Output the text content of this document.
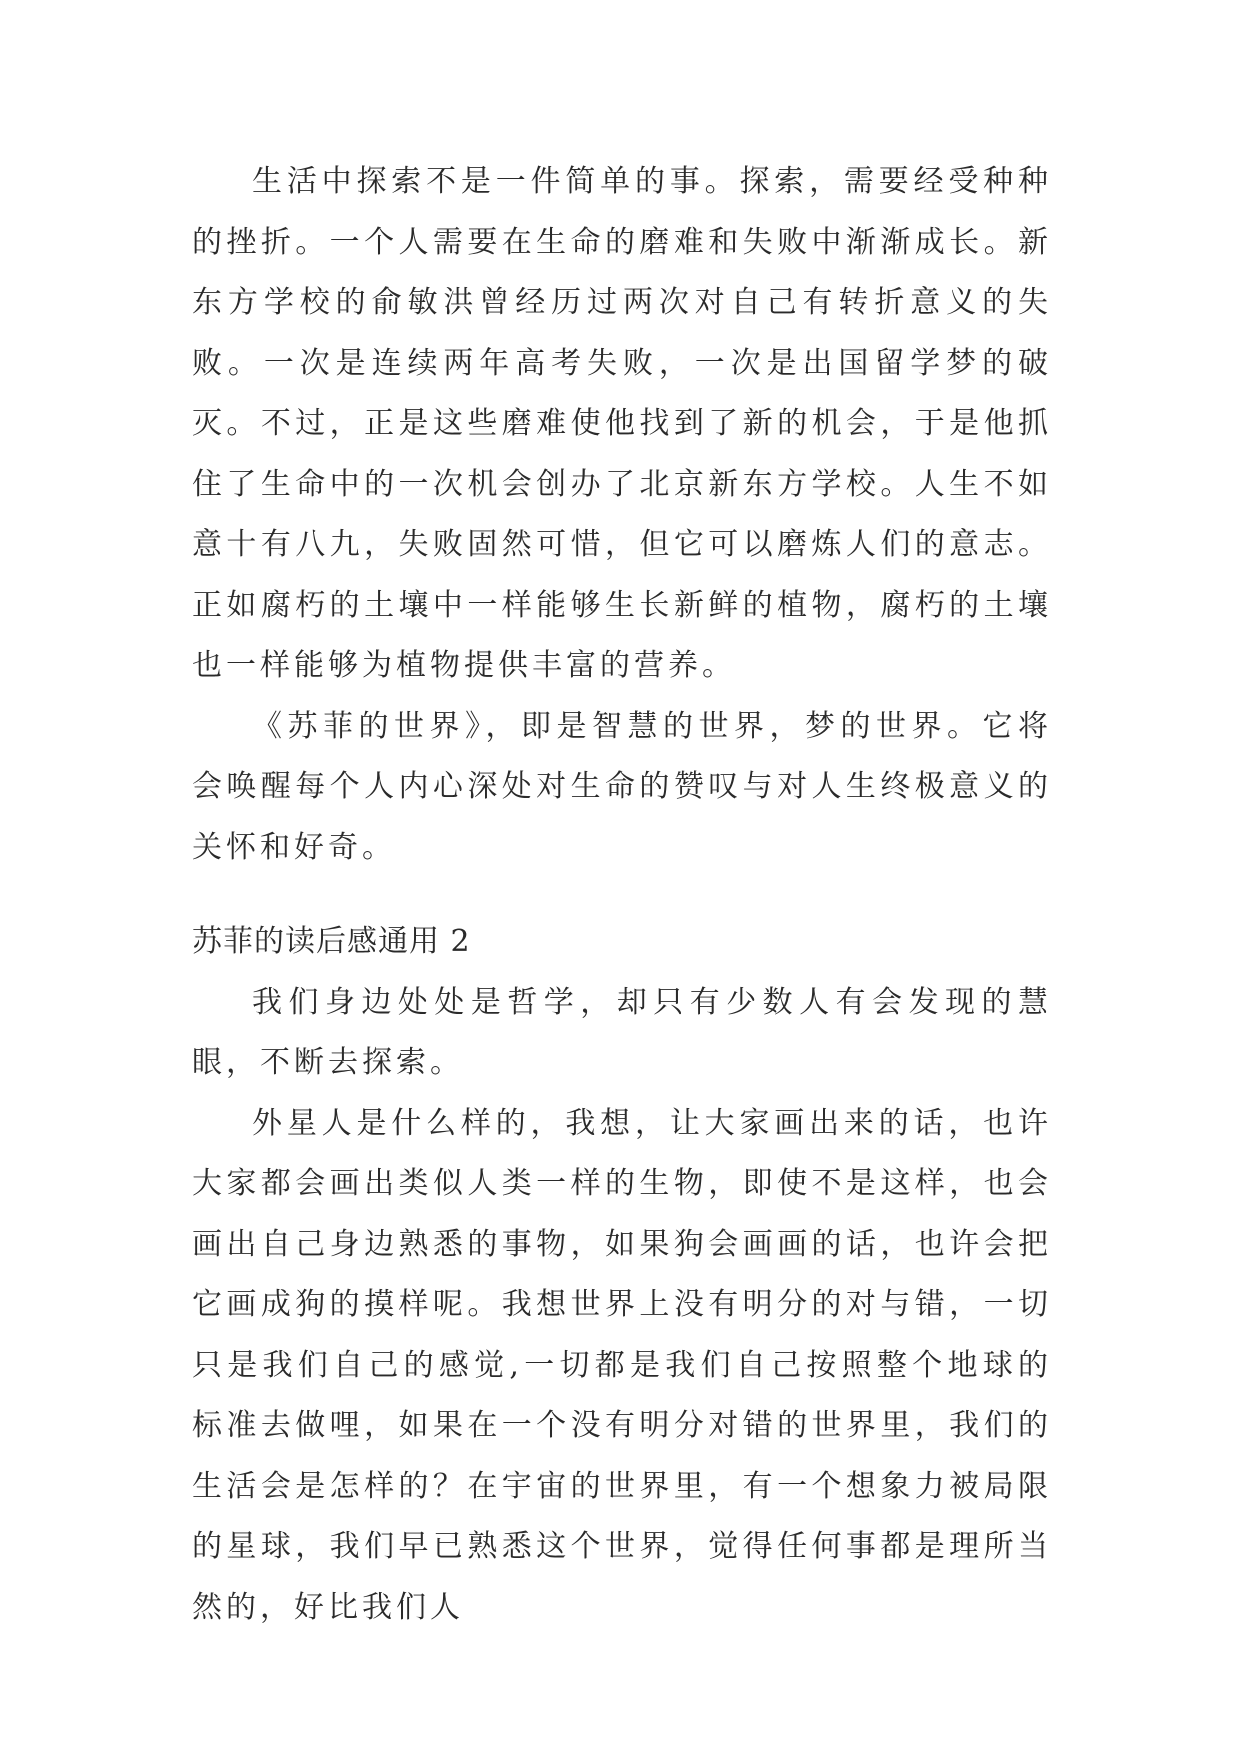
生活中探索不是一件简单的事。探索，需要经受种种的挫折。一个人需要在生命的磨难和失败中渐渐成长。新东方学校的俞敏洪曾经历过两次对自己有转折意义的失败。一次是连续两年高考失败，一次是出国留学梦的破灭。不过，正是这些磨难使他找到了新的机会，于是他抓住了生命中的一次机会创办了北京新东方学校。人生不如意十有八九，失败固然可惜，但它可以磨炼人们的意志。正如腐朽的土壤中一样能够生长新鲜的植物，腐朽的土壤也一样能够为植物提供丰富的营养。

《苏菲的世界》，即是智慧的世界，梦的世界。它将会唤醒每个人内心深处对生命的赞叹与对人生终极意义的关怀和好奇。

苏菲的读后感通用 2

我们身边处处是哲学，却只有少数人有会发现的慧眼，不断去探索。

外星人是什么样的，我想，让大家画出来的话，也许大家都会画出类似人类一样的生物，即使不是这样，也会画出自己身边熟悉的事物，如果狗会画画的话，也许会把它画成狗的摸样呢。我想世界上没有明分的对与错，一切只是我们自己的感觉,一切都是我们自己按照整个地球的标准去做哩，如果在一个没有明分对错的世界里，我们的生活会是怎样的？在宇宙的世界里，有一个想象力被局限的星球，我们早已熟悉这个世界，觉得任何事都是理所当然的，好比我们人
